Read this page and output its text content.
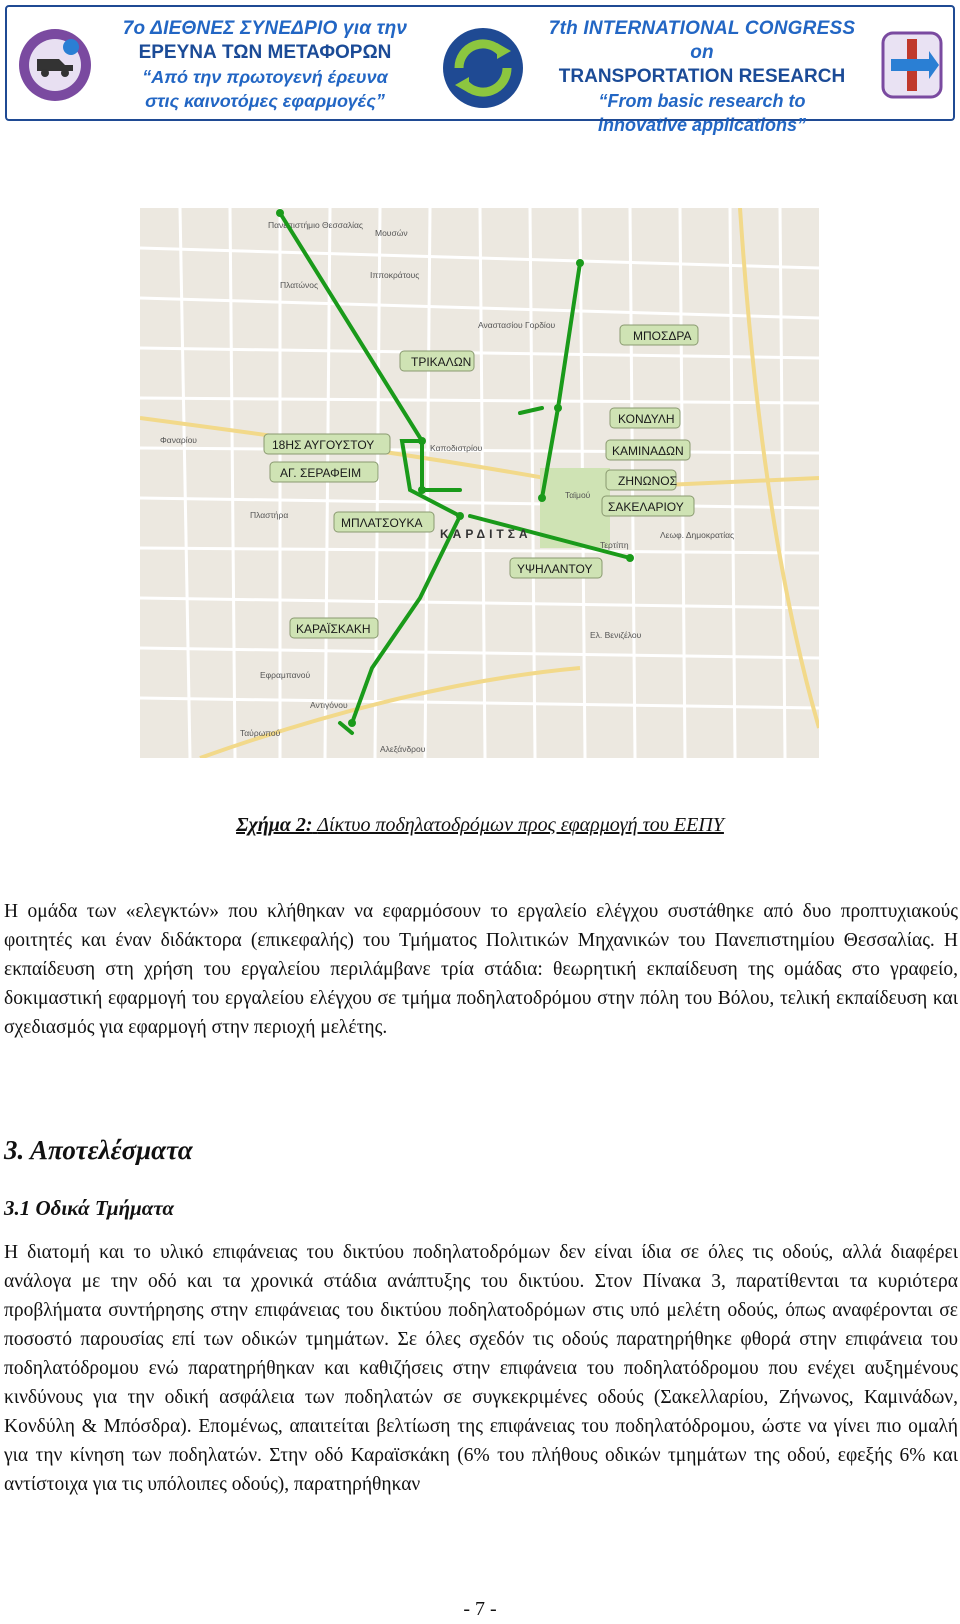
7ο ΔΙΕΘΝΕΣ ΣΥΝΕΔΡΙΟ για την
ΕΡΕΥΝΑ ΤΩΝ ΜΕΤΑΦΟΡΩΝ
“Από την πρωτογενή έρευνα
στις καινοτόμες εφαρμογές”
7th INTERNATIONAL CONGRESS on
TRANSPORTATION RESEARCH
“From basic research to
innovative applications”
Πανεπιστήμιο Θεσσαλίας
Μουσών
Ιπποκράτους
Αναστασίου Γορδίου
Καποδιστρίου
Φαναρίου
Πλαστήρα
Τερτίπη
Λεωφ. Δημοκρατίας
Αλεξάνδρου
Ελ. Βενιζέλου
Εφραμπανού
Αντιγόνου
Ταύρωπού
Ταϊμού
Πλατώνος
ΜΠΟΣΔΡΑ
ΤΡΙΚΑΛΩΝ
ΚΟΝΔΥΛΗ
ΚΑΜΙΝΑΔΩΝ
18ΗΣ ΑΥΓΟΥΣΤΟΥ
ΑΓ. ΣΕΡΑΦΕΙΜ
ΖΗΝΩΝΟΣ
ΣΑΚΕΛΑΡΙΟΥ
ΜΠΛΑΤΣΟΥΚΑ
ΥΨΗΛΑΝΤΟΥ
ΚΑΡΑΪΣΚΑΚΗ
ΚΑΡΔΙΤΣΑ
Σχήμα 2: Δίκτυο ποδηλατοδρόμων προς εφαρμογή του ΕΕΠΥ

Η ομάδα των «ελεγκτών» που κλήθηκαν να εφαρμόσουν το εργαλείο ελέγχου συστάθηκε από δυο προπτυχιακούς φοιτητές και έναν διδάκτορα (επικεφαλής) του Τμήματος Πολιτικών Μηχανικών του Πανεπιστημίου Θεσσαλίας. Η εκπαίδευση στη χρήση του εργαλείου περιλάμβανε τρία στάδια: θεωρητική εκπαίδευση της ομάδας στο γραφείο, δοκιμαστική εφαρμογή του εργαλείου ελέγχου σε τμήμα ποδηλατοδρόμου στην πόλη του Βόλου, τελική εκπαίδευση και σχεδιασμός για εφαρμογή στην περιοχή μελέτης.

3. Αποτελέσματα
3.1 Οδικά Τμήματα

Η διατομή και το υλικό επιφάνειας του δικτύου ποδηλατοδρόμων δεν είναι ίδια σε όλες τις οδούς, αλλά διαφέρει ανάλογα με την οδό και τα χρονικά στάδια ανάπτυξης του δικτύου. Στον Πίνακα 3, παρατίθενται τα κυριότερα προβλήματα συντήρησης στην επιφάνειας του δικτύου ποδηλατοδρόμων στις υπό μελέτη οδούς, όπως αναφέρονται σε ποσοστό παρουσίας επί των οδικών τμημάτων. Σε όλες σχεδόν τις οδούς παρατηρήθηκε φθορά στην επιφάνεια του ποδηλατόδρομου ενώ παρατηρήθηκαν και καθιζήσεις στην επιφάνεια του ποδηλατόδρομου που ενέχει αυξημένους κινδύνους για την οδική ασφάλεια των ποδηλατών σε συγκεκριμένες οδούς (Σακελλαρίου, Ζήνωνος, Καμινάδων, Κονδύλη & Μπόσδρα). Επομένως, απαιτείται βελτίωση της επιφάνειας του ποδηλατόδρομου, ώστε να γίνει πιο ομαλή για την κίνηση των ποδηλατών. Στην οδό Καραϊσκάκη (6% του πλήθους οδικών τμημάτων της οδού, εφεξής 6% και αντίστοιχα για τις υπόλοιπες οδούς), παρατηρήθηκαν

- 7 -
